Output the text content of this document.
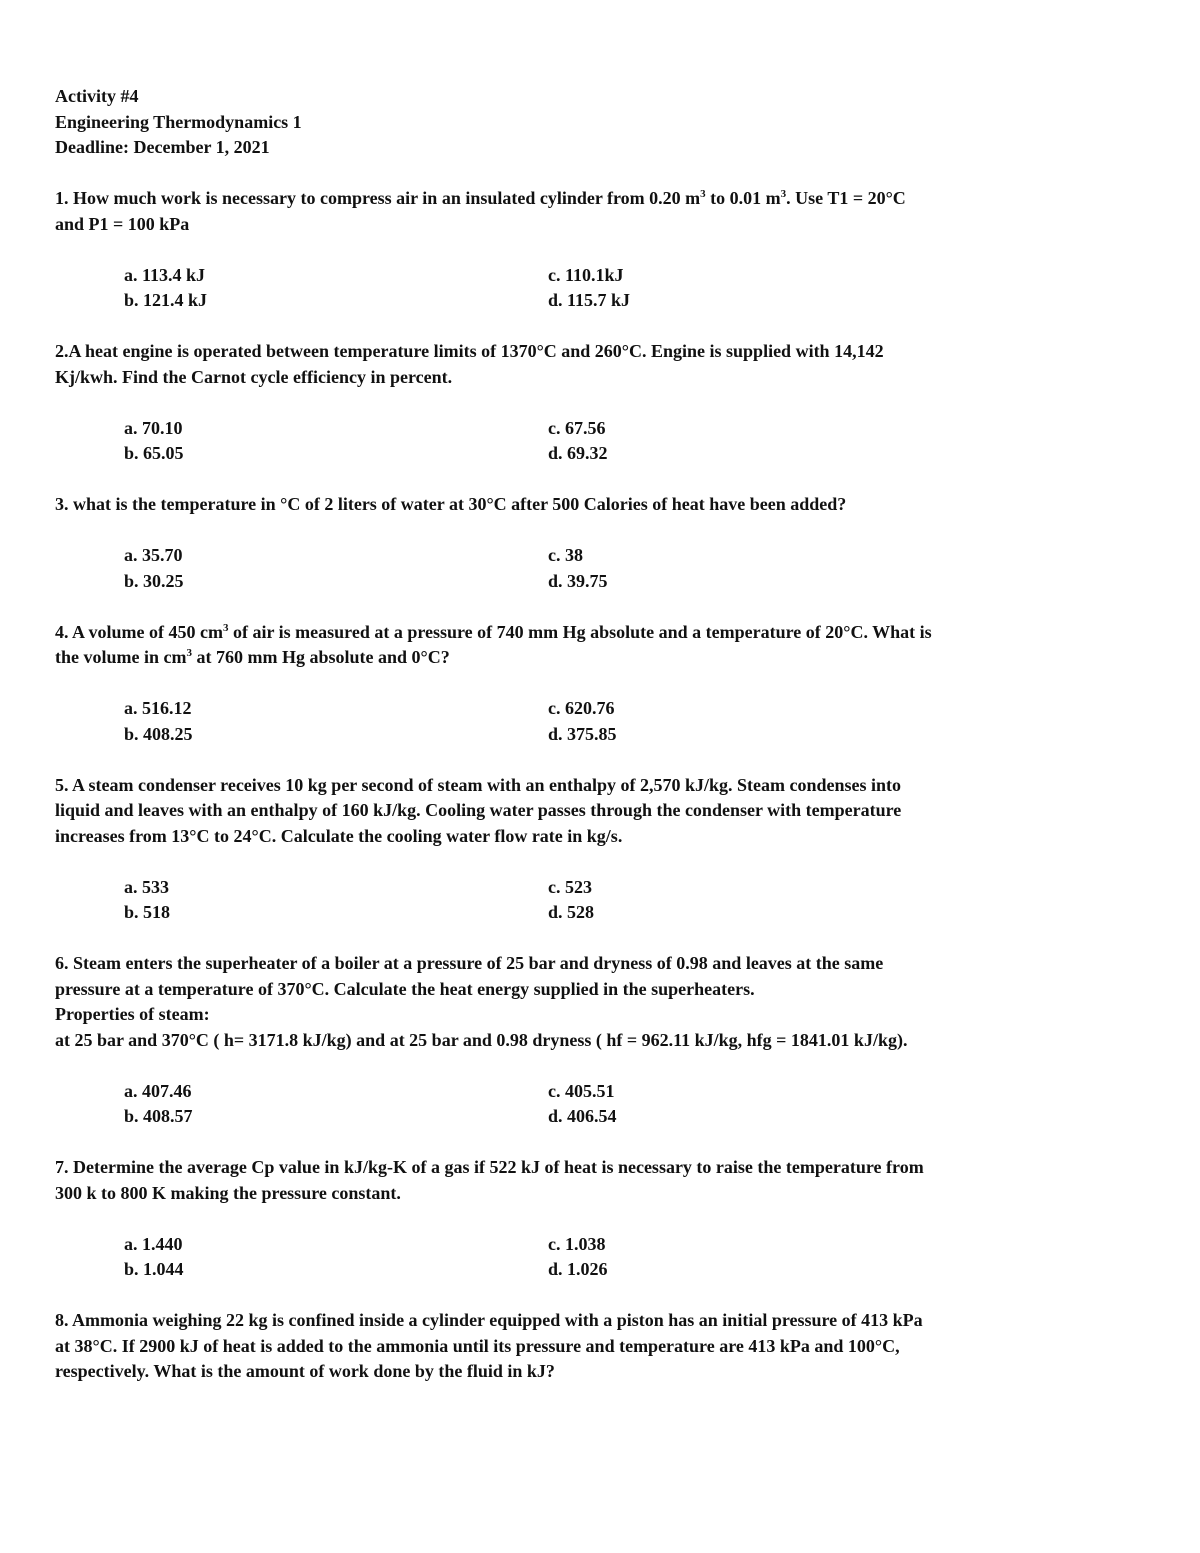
Activity #4
Engineering Thermodynamics 1
Deadline: December 1, 2021
1. How much work is necessary to compress air in an insulated cylinder from 0.20 $m^3$ to 0.01 $m^3$. Use T1 = 20°C
and P1 = 100 kPa
a. 113.4 kJ	c. 110.1kJ
b. 121.4 kJ	d. 115.7 kJ
2.A heat engine is operated between temperature limits of 1370°C and 260°C. Engine is supplied with 14,142
Kj/kwh. Find the Carnot cycle efficiency in percent.
a. 70.10	c. 67.56
b. 65.05	d. 69.32
3. what is the temperature in °C of 2 liters of water at 30°C after 500 Calories of heat have been added?
a. 35.70	c. 38
b. 30.25	d. 39.75
4. A volume of 450 $cm^3$ of air is measured at a pressure of 740 mm Hg absolute and a temperature of 20°C. What is
the volume in $cm^3$ at 760 mm Hg absolute and 0°C?
a. 516.12	c. 620.76
b. 408.25	d. 375.85
5. A steam condenser receives 10 kg per second of steam with an enthalpy of 2,570 kJ/kg. Steam condenses into
liquid and leaves with an enthalpy of 160 kJ/kg. Cooling water passes through the condenser with temperature
increases from 13°C to 24°C. Calculate the cooling water flow rate in kg/s.
a. 533	c. 523
b. 518	d. 528
6. Steam enters the superheater of a boiler at a pressure of 25 bar and dryness of 0.98 and leaves at the same
pressure at a temperature of 370°C. Calculate the heat energy supplied in the superheaters.
Properties of steam:
at 25 bar and 370°C ( h= 3171.8 kJ/kg) and at 25 bar and 0.98 dryness ( hf = 962.11 kJ/kg, hfg = 1841.01 kJ/kg).
a. 407.46	c. 405.51
b. 408.57	d. 406.54
7. Determine the average Cp value in kJ/kg-K of a gas if 522 kJ of heat is necessary to raise the temperature from
300 k to 800 K making the pressure constant.
a. 1.440	c. 1.038
b. 1.044	d. 1.026
8. Ammonia weighing 22 kg is confined inside a cylinder equipped with a piston has an initial pressure of 413 kPa
at 38°C. If 2900 kJ of heat is added to the ammonia until its pressure and temperature are 413 kPa and 100°C,
respectively. What is the amount of work done by the fluid in kJ?
